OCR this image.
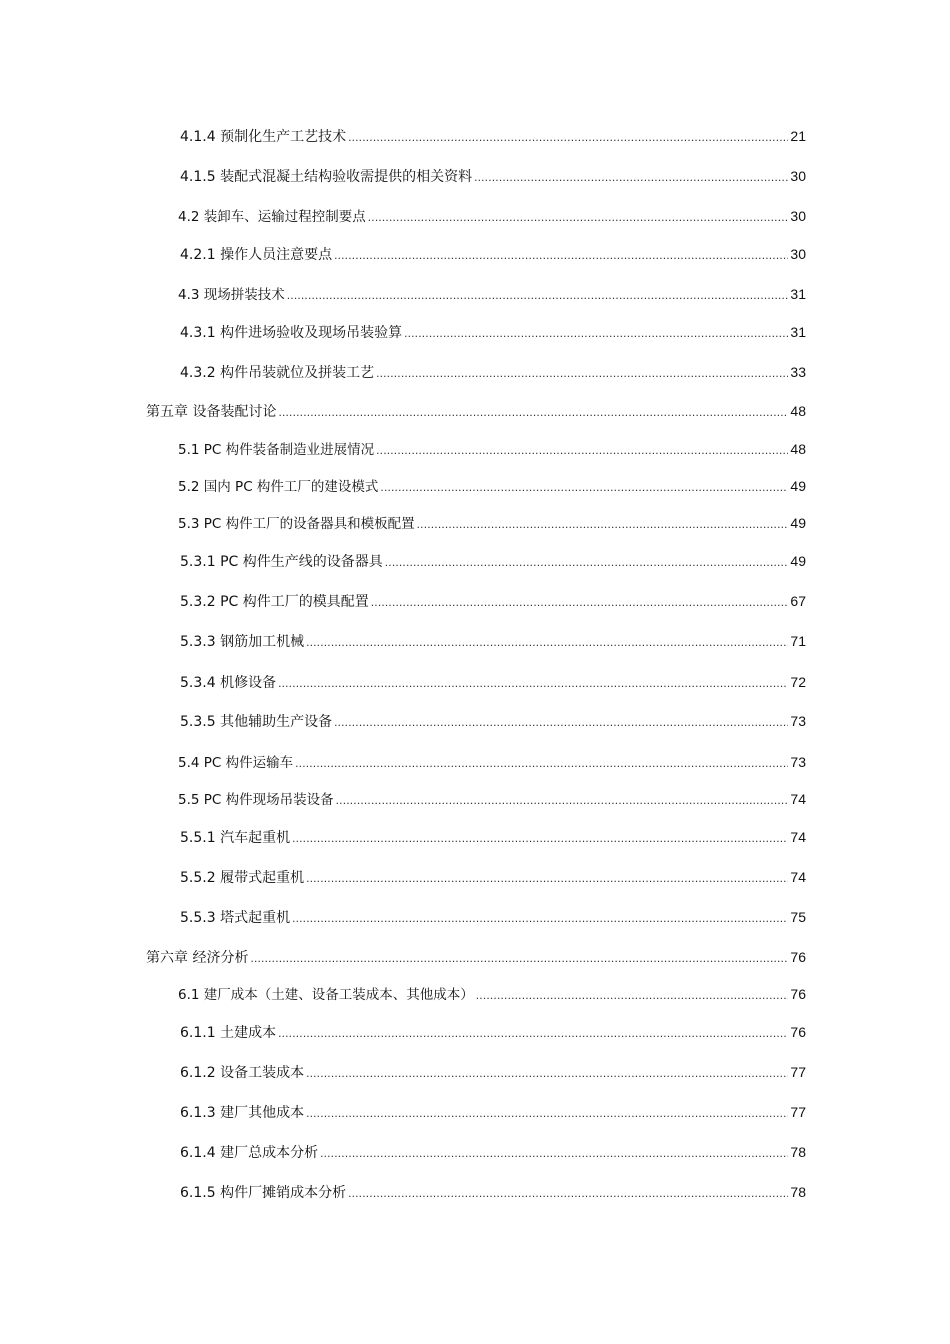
4.1.4 预制化生产工艺技术 .....	21
4.1.5 装配式混凝土结构验收需提供的相关资料 .....	30
4.2 装卸车、运输过程控制要点 .....	30
4.2.1 操作人员注意要点 .....	30
4.3 现场拼装技术 .....	31
4.3.1 构件进场验收及现场吊装验算 .....	31
4.3.2 构件吊装就位及拼装工艺 .....	33
第五章 设备装配讨论 .....	48
5.1 PC 构件装备制造业进展情况 .....	48
5.2 国内 PC 构件工厂的建设模式 .....	49
5.3 PC 构件工厂的设备器具和模板配置 .....	49
5.3.1 PC 构件生产线的设备器具 .....	49
5.3.2 PC 构件工厂的模具配置 .....	67
5.3.3 钢筋加工机械 .....	71
5.3.4 机修设备 .....	72
5.3.5 其他辅助生产设备 .....	73
5.4 PC 构件运输车 .....	73
5.5 PC 构件现场吊装设备 .....	74
5.5.1 汽车起重机 .....	74
5.5.2 履带式起重机 .....	74
5.5.3 塔式起重机 .....	75
第六章 经济分析 .....	76
6.1 建厂成本（土建、设备工装成本、其他成本） .....	76
6.1.1 土建成本 .....	76
6.1.2 设备工装成本 .....	77
6.1.3 建厂其他成本 .....	77
6.1.4 建厂总成本分析 .....	78
6.1.5 构件厂摊销成本分析 .....	78
